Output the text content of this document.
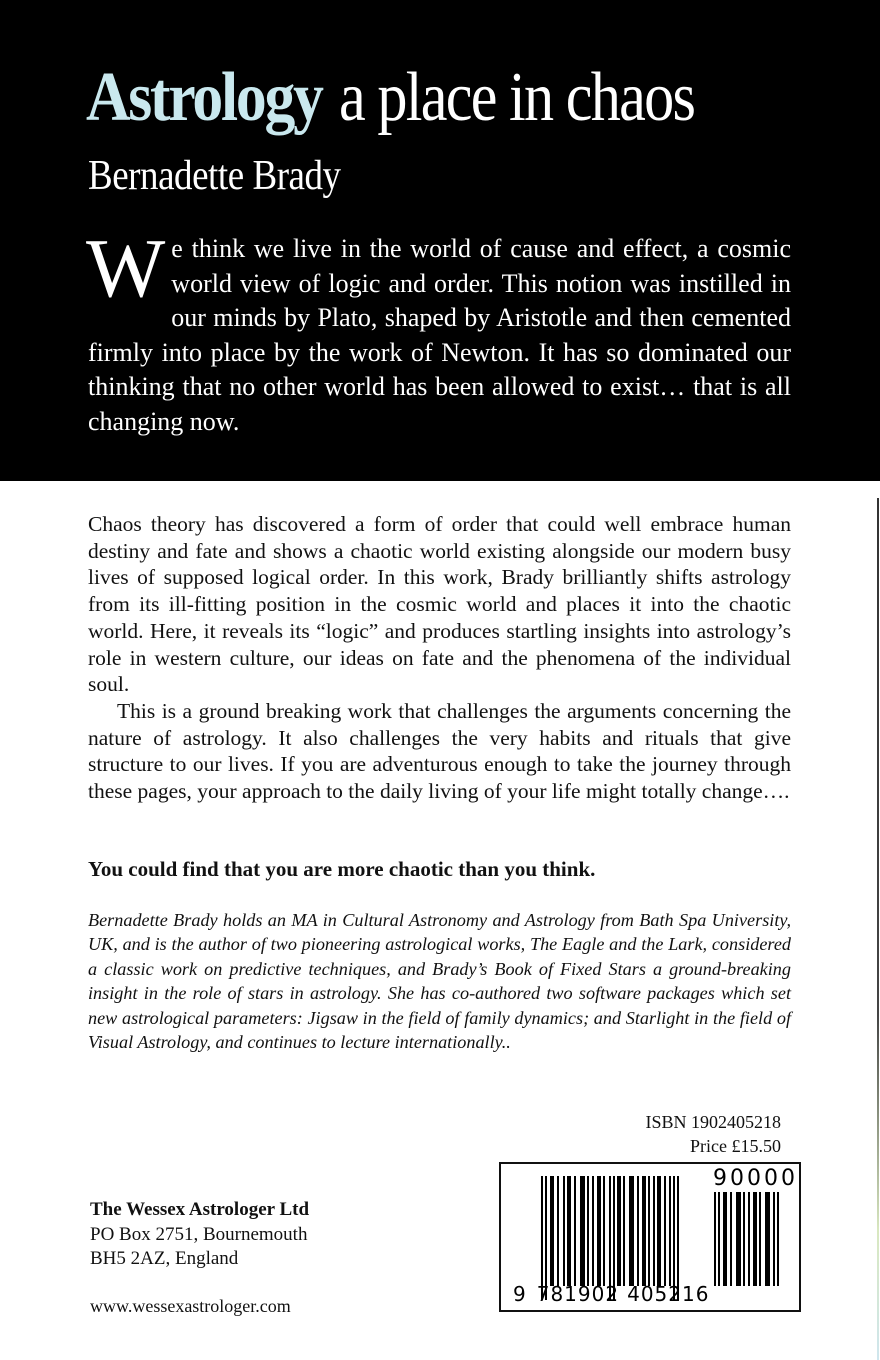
Astrology a place in chaos
Bernadette Brady
W e think we live in the world of cause and effect, a cosmic world view of logic and order. This notion was instilled in our minds by Plato, shaped by Aristotle and then cemented firmly into place by the work of Newton. It has so dominated our thinking that no other world has been allowed to exist… that is all changing now.

Chaos theory has discovered a form of order that could well embrace human destiny and fate and shows a chaotic world existing alongside our modern busy lives of supposed logical order. In this work, Brady brilliantly shifts astrology from its ill-fitting position in the cosmic world and places it into the chaotic world. Here, it reveals its “logic” and produces startling insights into astrology’s role in western culture, our ideas on fate and the phenomena of the individual soul.

This is a ground breaking work that challenges the arguments concerning the nature of astrology. It also challenges the very habits and rituals that give structure to our lives. If you are adventurous enough to take the journey through these pages, your approach to the daily living of your life might totally change….

You could find that you are more chaotic than you think.
Bernadette Brady holds an MA in Cultural Astronomy and Astrology from Bath Spa University, UK, and is the author of two pioneering astrological works, The Eagle and the Lark, considered a classic work on predictive techniques, and Brady’s Book of Fixed Stars a ground-breaking insight in the role of stars in astrology. She has co-authored two software packages which set new astrological parameters: Jigsaw in the field of family dynamics; and Starlight in the field of Visual Astrology, and continues to lecture internationally..
ISBN 1902405218
Price £15.50
90000
9 781902 405216
The Wessex Astrologer Ltd
PO Box 2751, Bournemouth
BH5 2AZ, England
www.wessexastrologer.com
